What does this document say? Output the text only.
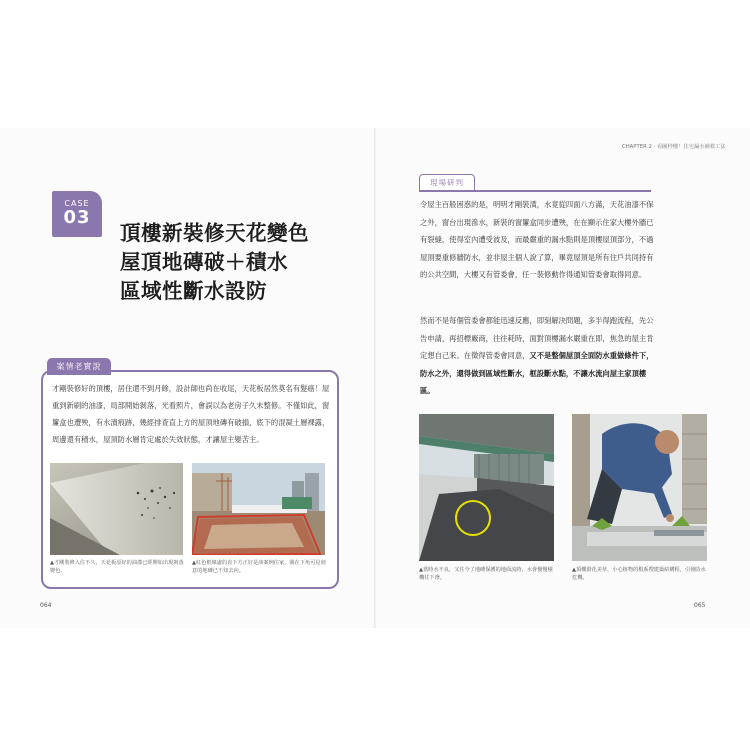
CASE
03
頂樓新裝修天花變色
屋頂地磚破＋積水
區域性斷水設防
案情老實說
才剛裝修好的頂樓，居住還不到月餘，設計師也尚在收尾，天花板居然莫名有髮癌！屋重到新刷的油漆，局部開始剝落，光看照片，會誤以為老房子久未整修。不僅如此，窗簾盒也遭殃，有水漬痕跡，幾經排查直上方的屋頂地磚有破損，底下的混凝土層裸露，周邊還有積水，屋頂防水層肯定處於失效狀態，才讓屋主變苦主。
▲才剛裝修入住不久，天花板原好的油漆已經開始出現剝落變色。
▲紅色框線處的直下方正好是該案例住家，圍在下角可見刻意的地磚已不知去向。
064
CHAPTER 2 · 看圖秒懂！住宅漏水補救工法
現場研判
令屋主百般困惑的是，明明才剛裝潢，水竟從四面八方滿，天花油漆不保之外，窗台出現滲水，新裝的窗簾盒同步遭殃，在在顯示住家大樓外牆已有裂縫，使得室內遭受波及，而最嚴重的漏水點則是頂樓屋頂部分，不過屋頂要重修牆防水，並非屋主個人說了算，畢竟屋頂是所有住戶共同持有的公共空間，大樓又有管委會，任一裝修動作得通知管委會取得同意。
然而不是每個管委會都能迅速反應，即刻解決問題，多半得跑流程，先公告申請，再招標廠商，往往耗時，面對頂樓漏水嚴重在即，焦急的屋主肯定想自己來。在徵得管委會同意，又不是整個屋頂全面防水重做條件下，防水之外，還得做到區域性斷水，框設斷水點，不讓水流向屋主家頂樓區。
▲當時水不良，又住今了地磚保護的地面流時，水會慢慢積機往下滲。
▲頂樓蔚花美草，小心植物的根系搜建築結構程，引發防水危機。
065
